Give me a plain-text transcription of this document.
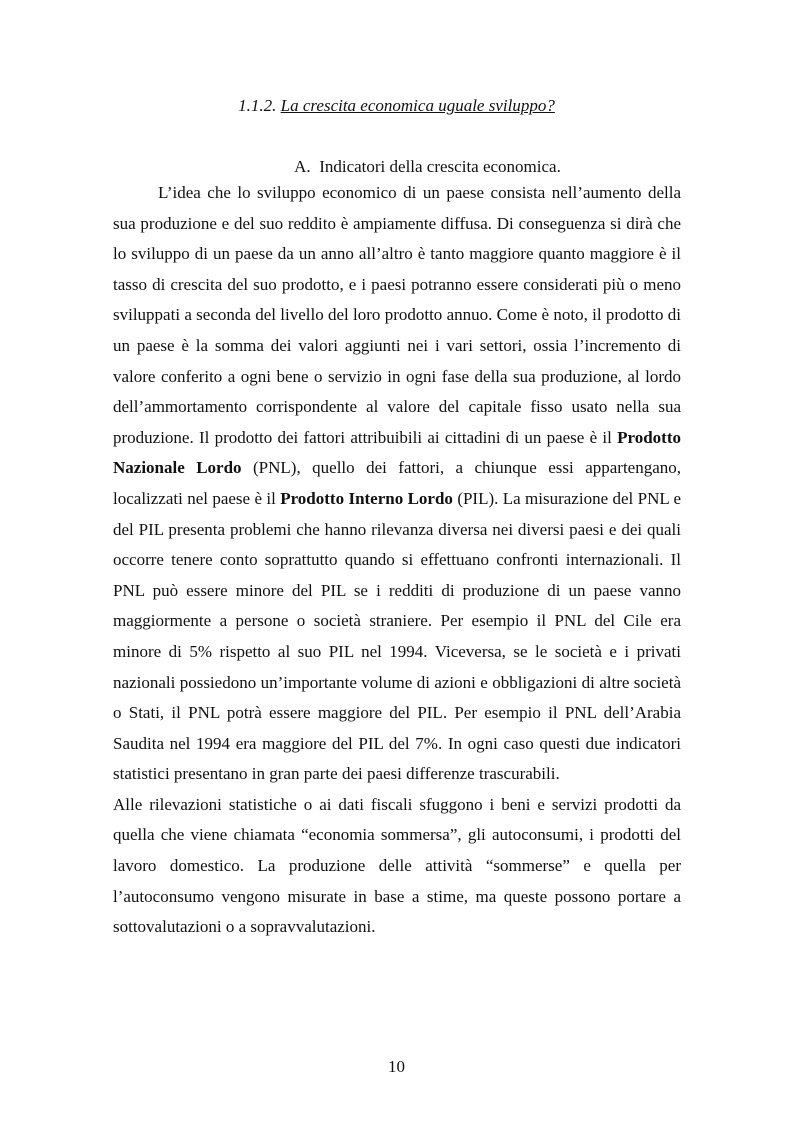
1.1.2. La crescita economica uguale sviluppo?
A. Indicatori della crescita economica.

L’idea che lo sviluppo economico di un paese consista nell’aumento della sua produzione e del suo reddito è ampiamente diffusa. Di conseguenza si dirà che lo sviluppo di un paese da un anno all’altro è tanto maggiore quanto maggiore è il tasso di crescita del suo prodotto, e i paesi potranno essere considerati più o meno sviluppati a seconda del livello del loro prodotto annuo. Come è noto, il prodotto di un paese è la somma dei valori aggiunti nei i vari settori, ossia l’incremento di valore conferito a ogni bene o servizio in ogni fase della sua produzione, al lordo dell’ammortamento corrispondente al valore del capitale fisso usato nella sua produzione. Il prodotto dei fattori attribuibili ai cittadini di un paese è il Prodotto Nazionale Lordo (PNL), quello dei fattori, a chiunque essi appartengano, localizzati nel paese è il Prodotto Interno Lordo (PIL). La misurazione del PNL e del PIL presenta problemi che hanno rilevanza diversa nei diversi paesi e dei quali occorre tenere conto soprattutto quando si effettuano confronti internazionali. Il PNL può essere minore del PIL se i redditi di produzione di un paese vanno maggiormente a persone o società straniere. Per esempio il PNL del Cile era minore di 5% rispetto al suo PIL nel 1994. Viceversa, se le società e i privati nazionali possiedono un’importante volume di azioni e obbligazioni di altre società o Stati, il PNL potrà essere maggiore del PIL. Per esempio il PNL dell’Arabia Saudita nel 1994 era maggiore del PIL del 7%. In ogni caso questi due indicatori statistici presentano in gran parte dei paesi differenze trascurabili.

Alle rilevazioni statistiche o ai dati fiscali sfuggono i beni e servizi prodotti da quella che viene chiamata “economia sommersa”, gli autoconsumi, i prodotti del lavoro domestico. La produzione delle attività “sommerse” e quella per l’autoconsumo vengono misurate in base a stime, ma queste possono portare a sottovalutazioni o a sopravvalutazioni.

10
